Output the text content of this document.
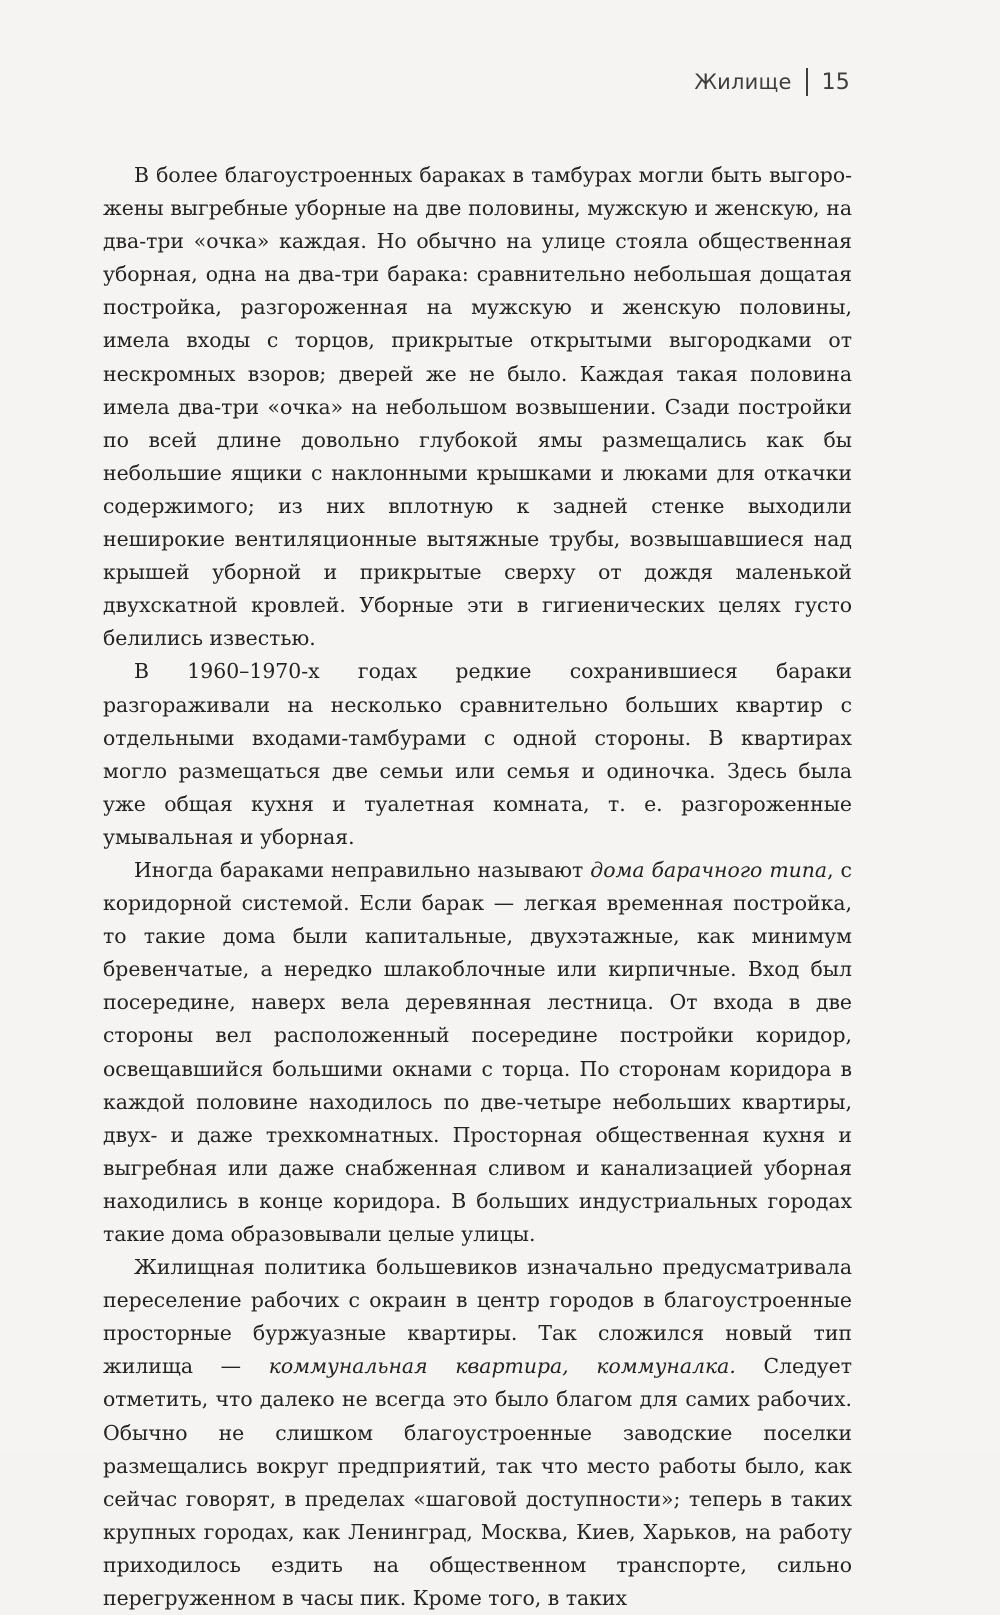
Жилище 15

В более благоустроенных бараках в тамбурах могли быть выгорожены выгребные уборные на две половины, мужскую и женскую, на два-три «очка» каждая. Но обычно на улице стояла общественная уборная, одна на два-три барака: сравнительно небольшая дощатая постройка, разгороженная на мужскую и женскую половины, имела входы с торцов, прикрытые открытыми выгородками от нескромных взоров; дверей же не было. Каждая такая половина имела два-три «очка» на небольшом возвышении. Сзади постройки по всей длине довольно глубокой ямы размещались как бы небольшие ящики с наклонными крышками и люками для откачки содержимого; из них вплотную к задней стенке выходили неширокие вентиляционные вытяжные трубы, возвышавшиеся над крышей уборной и прикрытые сверху от дождя маленькой двухскатной кровлей. Уборные эти в гигиенических целях густо белились известью.

В 1960–1970-х годах редкие сохранившиеся бараки разгораживали на несколько сравнительно больших квартир с отдельными входами-тамбурами с одной стороны. В квартирах могло размещаться две семьи или семья и одиночка. Здесь была уже общая кухня и туалетная комната, т. е. разгороженные умывальная и уборная.

Иногда бараками неправильно называют дома барачного типа, с коридорной системой. Если барак — легкая временная постройка, то такие дома были капитальные, двухэтажные, как минимум бревенчатые, а нередко шлакоблочные или кирпичные. Вход был посередине, наверх вела деревянная лестница. От входа в две стороны вел расположенный посередине постройки коридор, освещавшийся большими окнами с торца. По сторонам коридора в каждой половине находилось по две-четыре небольших квартиры, двух- и даже трехкомнатных. Просторная общественная кухня и выгребная или даже снабженная сливом и канализацией уборная находились в конце коридора. В больших индустриальных городах такие дома образовывали целые улицы.

Жилищная политика большевиков изначально предусматривала переселение рабочих с окраин в центр городов в благоустроенные просторные буржуазные квартиры. Так сложился новый тип жилища — коммунальная квартира, коммуналка. Следует отметить, что далеко не всегда это было благом для самих рабочих. Обычно не слишком благоустроенные заводские поселки размещались вокруг предприятий, так что место работы было, как сейчас говорят, в пределах «шаговой доступности»; теперь в таких крупных городах, как Ленинград, Москва, Киев, Харьков, на работу приходилось ездить на общественном транспорте, сильно перегруженном в часы пик. Кроме того, в таких
